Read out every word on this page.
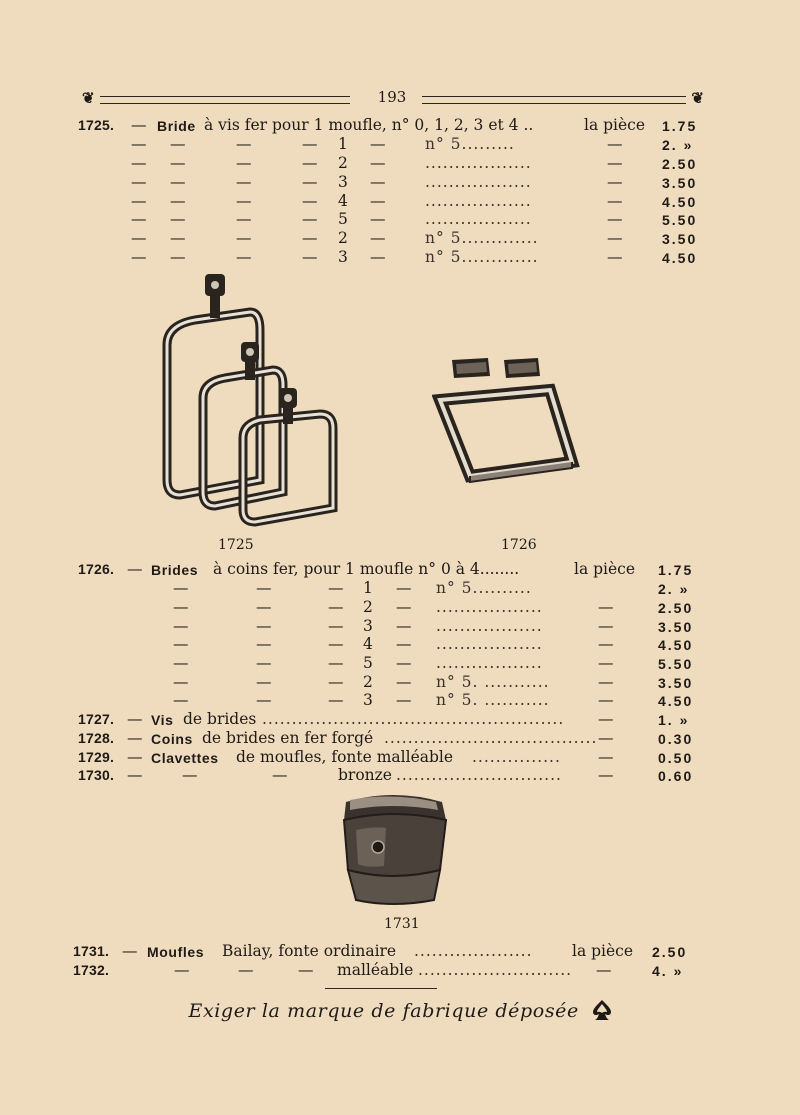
❦	193	❦
1725. — Bride à vis fer pour 1 moufle, n° 0, 1, 2, 3 et 4 ..	la pièce 1.75
— —	—	— 1 —	n° 5.........	—	2. »
— —	—	— 2 —	..................	—	2.50
— —	—	— 3 —	..................	—	3.50
— —	—	— 4 —	..................	—	4.50
— —	—	— 5 —	..................	—	5.50
— —	—	— 2 —	n° 5.............	—	3.50
— —	—	— 3 —	n° 5.............	—	4.50
1725	1726
1726. — Brides à coins fer, pour 1 moufle n° 0 à 4........	la pièce 1.75
—	—	— 1 — n° 5..........	2. »
—	—	— 2 — ..................	—	2.50
—	—	— 3 — ..................	—	3.50
—	—	— 4 — ..................	—	4.50
—	—	— 5 — ..................	—	5.50
—	—	— 2 — n° 5. ...........	—	3.50
—	—	— 3 — n° 5. ...........	—	4.50
1727. — Vis de brides ................................................... —	1. »
1728. — Coins de brides en fer forgé .................................... —	0.30
1729. — Clavettes de moufles, fonte malléable ............... —	0.50
1730. —	—	—	bronze ............................ —	0.60
1731
1731. — Moufles Bailay, fonte ordinaire ....................	la pièce 2.50
1732.	—	—	— malléable .......................... —	4. »
Exiger la marque de fabrique déposée
